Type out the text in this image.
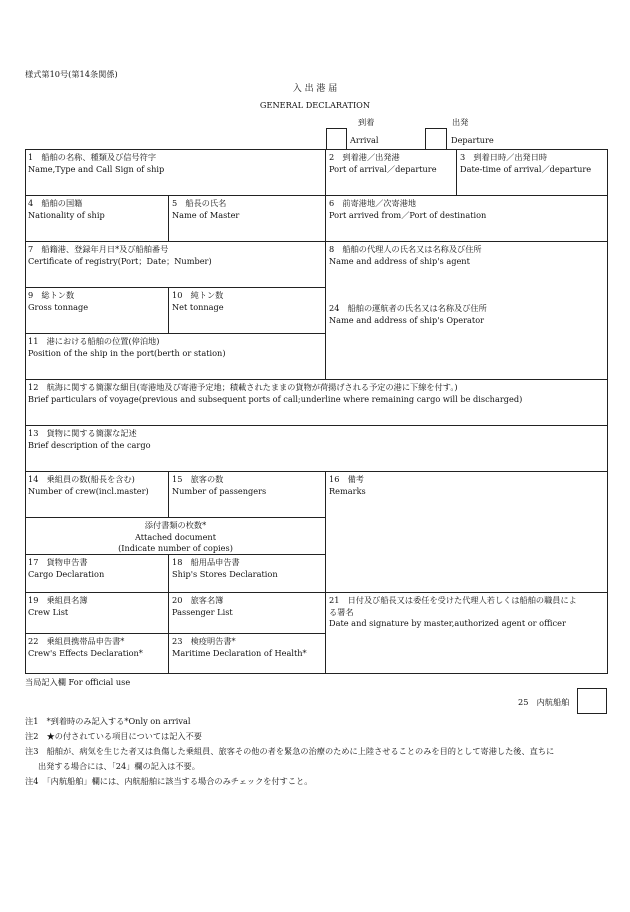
様式第10号(第14条関係)
入 出 港 届
GENERAL DECLARATION
到着
Arrival
出発
Departure
1　船舶の名称、種類及び信号符字
Name,Type and Call Sign of ship
2　到着港／出発港
Port of arrival／departure
3　到着日時／出発日時
Date-time of arrival／departure
4　船舶の国籍
Nationality of ship
5　船長の氏名
Name of Master
6　前寄港地／次寄港地
Port arrived from／Port of destination
7　船籍港、登録年月日*及び船舶番号
Certificate of registry(Port；Date；Number)
8　船舶の代理人の氏名又は名称及び住所
Name and address of ship's agent
9　総トン数
Gross tonnage
10　純トン数
Net tonnage	24　船舶の運航者の氏名又は名称及び住所
Name and address of ship's Operator
11　港における船舶の位置(停泊地)
Position of the ship in the port(berth or station)
12　航海に関する簡潔な細目(寄港地及び寄港予定地；積載されたままの貨物が荷揚げされる予定の港に下線を付す。)
Brief particulars of voyage(previous and subsequent ports of call;underline where remaining cargo will be discharged)
13　貨物に関する簡潔な記述
Brief description of the cargo
14　乗組員の数(船長を含む)
Number of crew(incl.master)
15　旅客の数
Number of passengers
16　備考
Remarks
添付書類の枚数*
Attached document
(Indicate number of copies)
17　貨物申告書
Cargo Declaration
18　船用品申告書
Ship's Stores Declaration
19　乗組員名簿
Crew List
20　旅客名簿
Passenger List
21　日付及び船長又は委任を受けた代理人若しくは船舶の職員によ
る署名
Date and signature by master,authorized agent or officer
22　乗組員携帯品申告書*
Crew's Effects Declaration*
23　検疫明告書*
Maritime Declaration of Health*
当局記入欄 For official use
25　内航船舶
注1　*到着時のみ記入する*Only on arrival
注2　★の付されている項目については記入不要
注3　船舶が、病気を生じた者又は負傷した乗組員、旅客その他の者を緊急の治療のために上陸させることのみを目的として寄港した後、直ちに
出発する場合には、「24」欄の記入は不要。
注4　「内航船舶」欄には、内航船舶に該当する場合のみチェックを付すこと。
